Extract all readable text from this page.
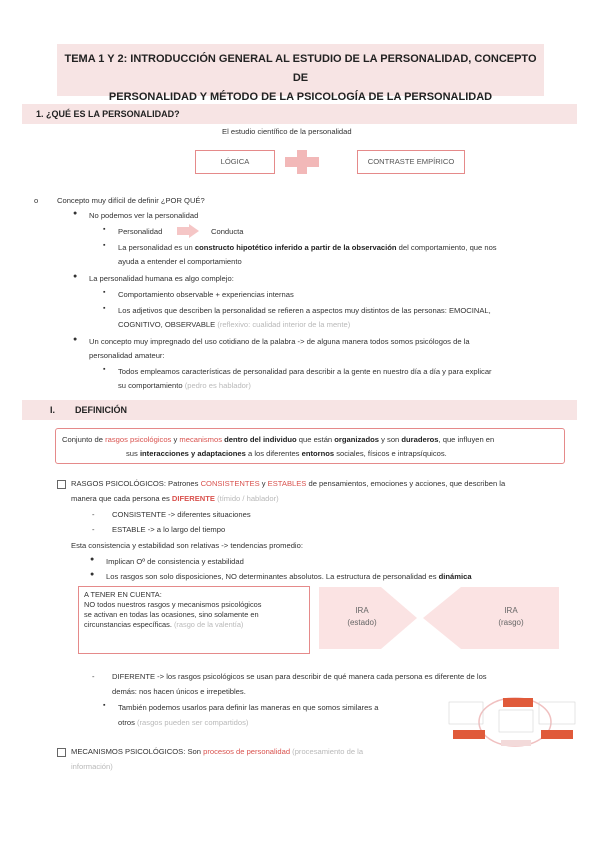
TEMA 1 Y 2: INTRODUCCIÓN GENERAL AL ESTUDIO DE LA PERSONALIDAD, CONCEPTO DE
PERSONALIDAD Y MÉTODO DE LA PSICOLOGÍA DE LA PERSONALIDAD
1. ¿QUÉ ES LA PERSONALIDAD?
El estudio científico de la personalidad
LÓGICA	CONTRASTE EMPÍRICO
o Concepto muy difícil de definir ¿POR QUÉ?
● No podemos ver la personalidad
▪ Personalidad	Conducta
▪ La personalidad es un constructo hipotético inferido a partir de la observación del comportamiento, que nos
ayuda a entender el comportamiento
● La personalidad humana es algo complejo:
▪ Comportamiento observable + experiencias internas
▪ Los adjetivos que describen la personalidad se refieren a aspectos muy distintos de las personas: EMOCINAL,
COGNITIVO, OBSERVABLE (reflexivo: cualidad interior de la mente)
● Un concepto muy impregnado del uso cotidiano de la palabra -> de alguna manera todos somos psicólogos de la
personalidad amateur:
▪ Todos empleamos características de personalidad para describir a la gente en nuestro día a día y para explicar
su comportamiento (pedro es hablador)
I. DEFINICIÓN
Conjunto de rasgos psicológicos y mecanismos dentro del individuo que están organizados y son duraderos, que influyen en
sus interacciones y adaptaciones a los diferentes entornos sociales, físicos e intrapsíquicos.
RASGOS PSICOLÓGICOS: Patrones CONSISTENTES y ESTABLES de pensamientos, emociones y acciones, que describen la
manera que cada persona es DIFERENTE (tímido / hablador)
- CONSISTENTE -> diferentes situaciones
- ESTABLE -> a lo largo del tiempo
Esta consistencia y estabilidad son relativas -> tendencias promedio:
● Implican Oº de consistencia y estabilidad
● Los rasgos son solo disposiciones, NO determinantes absolutos. La estructura de personalidad es dinámica
A TENER EN CUENTA:
NO todos nuestros rasgos y mecanismos psicológicos
se activan en todas las ocasiones, sino solamente en
circunstancias específicas. (rasgo de la valentía)
IRA
(estado)
IRA
(rasgo)
- DIFERENTE -> los rasgos psicológicos se usan para describir de qué manera cada persona es diferente de los
demás: nos hacen únicos e irrepetibles.
▪ También podemos usarlos para definir las maneras en que somos similares a
otros (rasgos pueden ser compartidos)
MECANISMOS PSICOLÓGICOS: Son procesos de personalidad (procesamiento de la
información)
